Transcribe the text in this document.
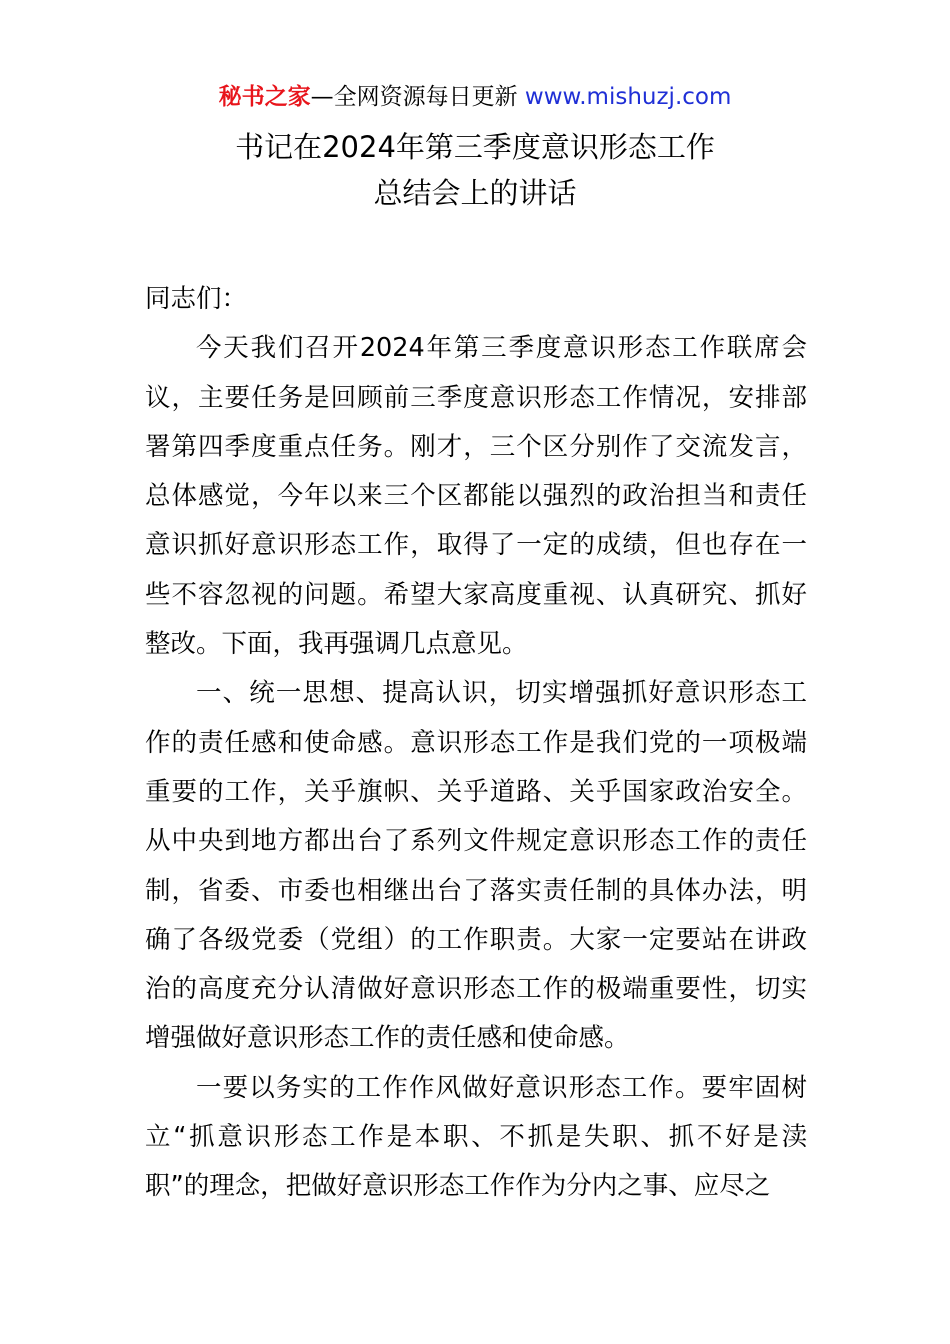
秘书之家—全网资源每日更新 www.mishuzj.com
书记在2024年第三季度意识形态工作
总结会上的讲话

同志们：

今天我们召开2024年第三季度意识形态工作联席会议，主要任务是回顾前三季度意识形态工作情况，安排部署第四季度重点任务。刚才，三个区分别作了交流发言，总体感觉，今年以来三个区都能以强烈的政治担当和责任意识抓好意识形态工作，取得了一定的成绩，但也存在一些不容忽视的问题。希望大家高度重视、认真研究、抓好整改。下面，我再强调几点意见。

一、统一思想、提高认识，切实增强抓好意识形态工作的责任感和使命感。意识形态工作是我们党的一项极端重要的工作，关乎旗帜、关乎道路、关乎国家政治安全。从中央到地方都出台了系列文件规定意识形态工作的责任制，省委、市委也相继出台了落实责任制的具体办法，明确了各级党委（党组）的工作职责。大家一定要站在讲政治的高度充分认清做好意识形态工作的极端重要性，切实增强做好意识形态工作的责任感和使命感。

一要以务实的工作作风做好意识形态工作。要牢固树立“抓意识形态工作是本职、不抓是失职、抓不好是渎职”的理念，把做好意识形态工作作为分内之事、应尽之
